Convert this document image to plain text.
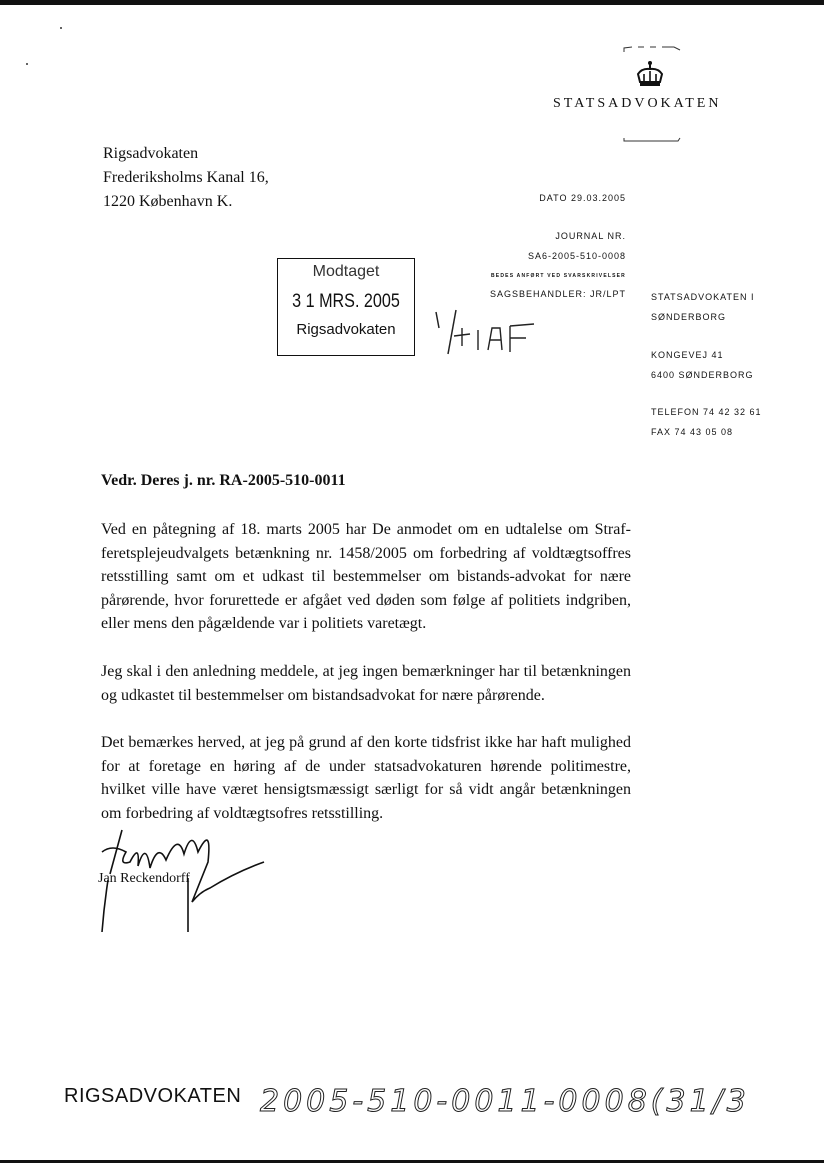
STATSADVOKATEN
Rigsadvokaten
Frederiksholms Kanal 16,
1220 København K.	DATO 29.03.2005
JOURNAL NR.
SA6-2005-510-0008
BEDES ANFØRT VED SVARSKRIVELSER
SAGSBEHANDLER: JR/LPT	STATSADVOKATEN I
SØNDERBORG
KONGEVEJ 41
6400 SØNDERBORG
TELEFON 74 42 32 61
FAX 74 43 05 08
Modtaget
3 1 MRS. 2005
Rigsadvokaten
Vedr. Deres j. nr. RA-2005-510-0011
Ved en påtegning af 18. marts 2005 har De anmodet om en udtalelse om Strafferetsplejeudvalgets betænkning nr. 1458/2005 om forbedring af voldtægtsoffres retsstilling samt om et udkast til bestemmelser om bistands-advokat for nære pårørende, hvor forurettede er afgået ved døden som følge af politiets indgriben, eller mens den pågældende var i politiets varetægt.
Jeg skal i den anledning meddele, at jeg ingen bemærkninger har til betænkningen og udkastet til bestemmelser om bistandsadvokat for nære pårørende.
Det bemærkes herved, at jeg på grund af den korte tidsfrist ikke har haft mulighed for at foretage en høring af de under statsadvokaturen hørende politimestre, hvilket ville have været hensigtsmæssigt særligt for så vidt angår betænkningen om forbedring af voldtægtsofres retsstilling.
Jan Reckendorff
RIGSADVOKATEN 2005-510-0011-0008(31/3
